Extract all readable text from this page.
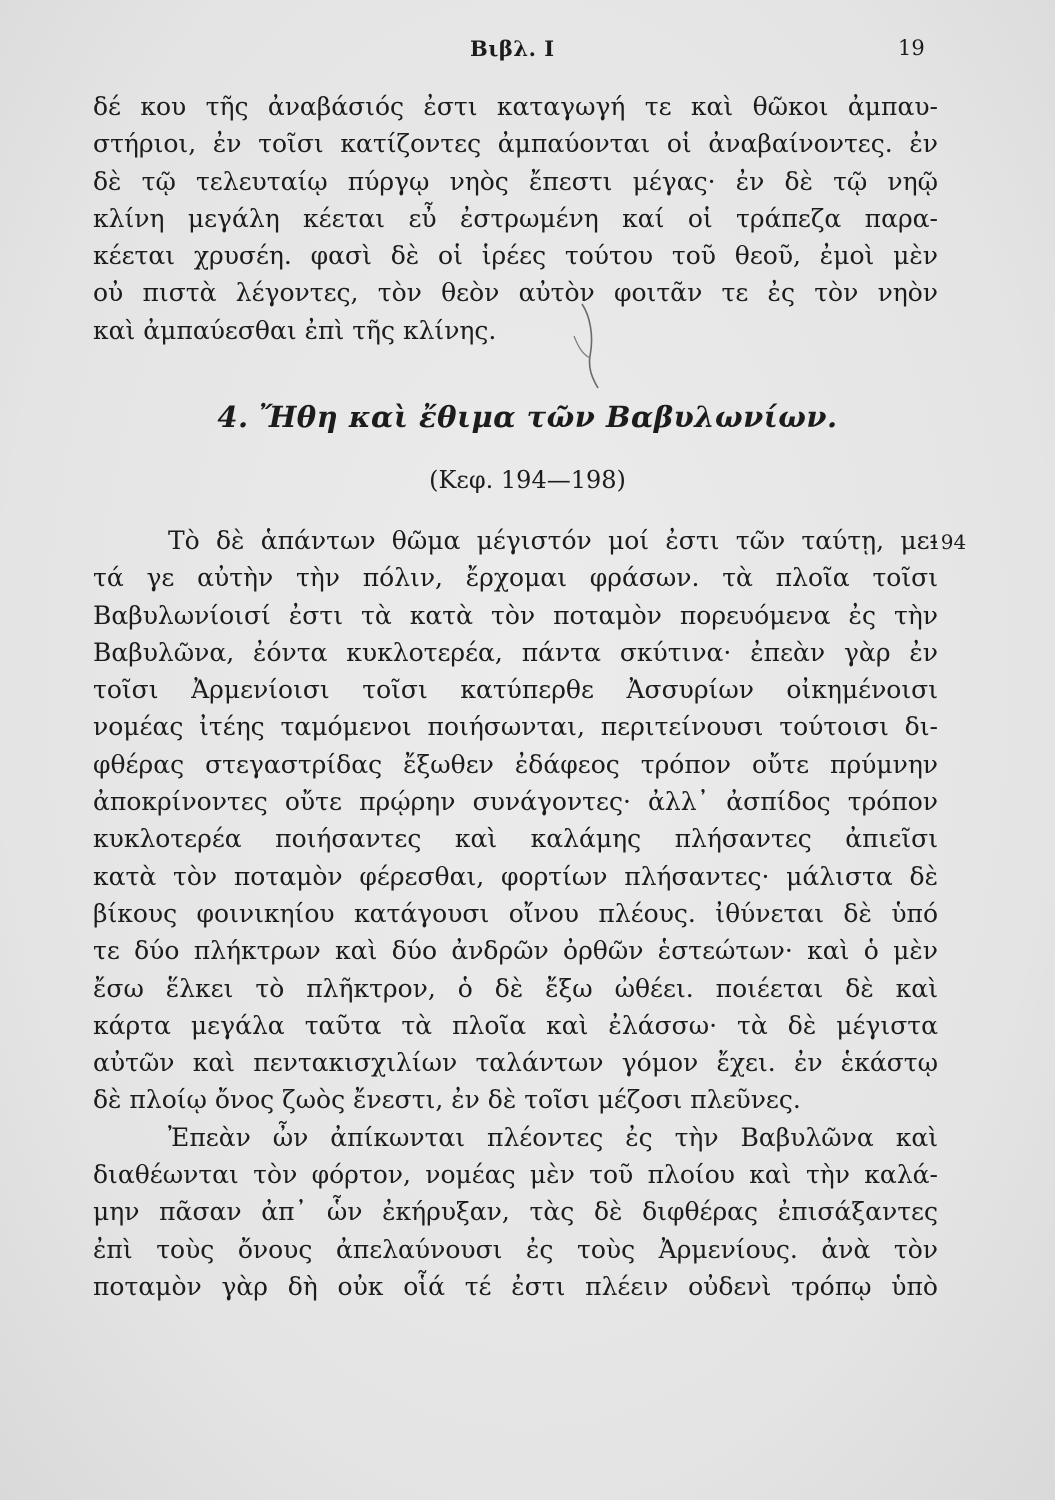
Βιβλ. Ι	19
δέ κου τῆς ἀναβάσιός ἐστι καταγωγή τε καὶ θῶκοι ἀμπαυ-
στήριοι, ἐν τοῖσι κατίζοντες ἀμπαύονται οἱ ἀναβαίνοντες. ἐν
δὲ τῷ τελευταίῳ πύργῳ νηὸς ἔπεστι μέγας· ἐν δὲ τῷ νηῷ
κλίνη μεγάλη κέεται εὖ ἐστρωμένη καί οἱ τράπεζα παρα-
κέεται χρυσέη. φασὶ δὲ οἱ ἱρέες τούτου τοῦ θεοῦ, ἐμοὶ μὲν
οὐ πιστὰ λέγοντες, τὸν θεὸν αὐτὸν φοιτᾶν τε ἐς τὸν νηὸν
καὶ ἀμπαύεσθαι ἐπὶ τῆς κλίνης.
4. Ἤθη καὶ ἔθιμα τῶν Βαβυλωνίων.
(Κεφ. 194—198)
194
Τὸ δὲ ἁπάντων θῶμα μέγιστόν μοί ἐστι τῶν ταύτῃ, με-
τά γε αὐτὴν τὴν πόλιν, ἔρχομαι φράσων. τὰ πλοῖα τοῖσι
Βαβυλωνίοισί ἐστι τὰ κατὰ τὸν ποταμὸν πορευόμενα ἐς τὴν
Βαβυλῶνα, ἐόντα κυκλοτερέα, πάντα σκύτινα· ἐπεὰν γὰρ ἐν
τοῖσι Ἀρμενίοισι τοῖσι κατύπερθε Ἀσσυρίων οἰκημένοισι
νομέας ἰτέης ταμόμενοι ποιήσωνται, περιτείνουσι τούτοισι δι-
φθέρας στεγαστρίδας ἔξωθεν ἐδάφεος τρόπον οὔτε πρύμνην
ἀποκρίνοντες οὔτε πρῴρην συνάγοντες· ἀλλ᾽ ἀσπίδος τρόπον
κυκλοτερέα ποιήσαντες καὶ καλάμης πλήσαντες ἀπιεῖσι
κατὰ τὸν ποταμὸν φέρεσθαι, φορτίων πλήσαντες· μάλιστα δὲ
βίκους φοινικηίου κατάγουσι οἴνου πλέους. ἰθύνεται δὲ ὑπό
τε δύο πλήκτρων καὶ δύο ἀνδρῶν ὀρθῶν ἑστεώτων· καὶ ὁ μὲν
ἔσω ἕλκει τὸ πλῆκτρον, ὁ δὲ ἔξω ὠθέει. ποιέεται δὲ καὶ
κάρτα μεγάλα ταῦτα τὰ πλοῖα καὶ ἐλάσσω· τὰ δὲ μέγιστα
αὐτῶν καὶ πεντακισχιλίων ταλάντων γόμον ἔχει. ἐν ἑκάστῳ
δὲ πλοίῳ ὄνος ζωὸς ἔνεστι, ἐν δὲ τοῖσι μέζοσι πλεῦνες.
Ἐπεὰν ὦν ἀπίκωνται πλέοντες ἐς τὴν Βαβυλῶνα καὶ
διαθέωνται τὸν φόρτον, νομέας μὲν τοῦ πλοίου καὶ τὴν καλά-
μην πᾶσαν ἀπ᾽ ὧν ἐκήρυξαν, τὰς δὲ διφθέρας ἐπισάξαντες
ἐπὶ τοὺς ὄνους ἀπελαύνουσι ἐς τοὺς Ἀρμενίους. ἀνὰ τὸν
ποταμὸν γὰρ δὴ οὐκ οἷά τέ ἐστι πλέειν οὐδενὶ τρόπῳ ὑπὸ
